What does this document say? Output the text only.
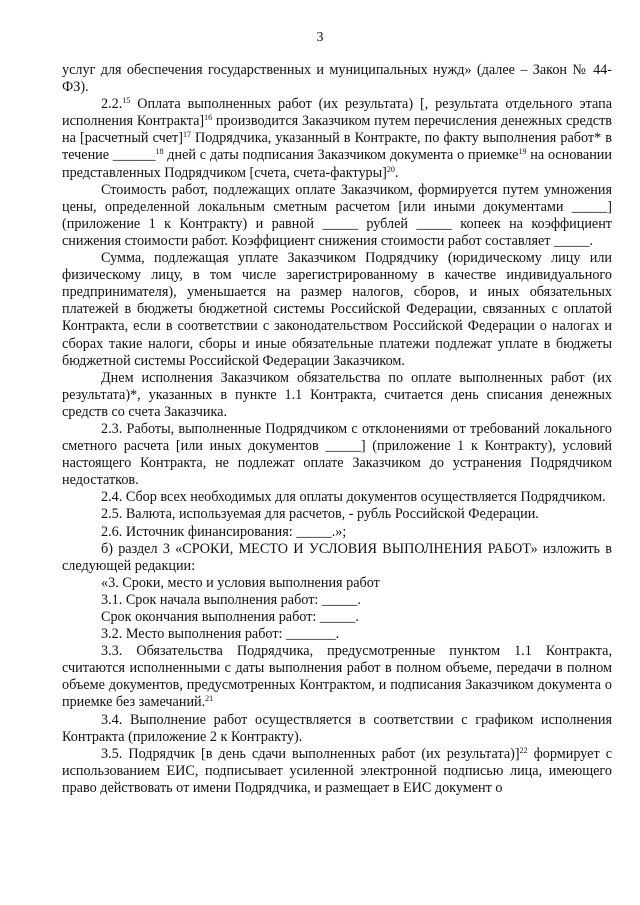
3

услуг для обеспечения государственных и муниципальных нужд» (далее – Закон № 44-ФЗ).

2.2.15 Оплата выполненных работ (их результата) [, результата отдельного этапа исполнения Контракта]$^{16}$ производится Заказчиком путем перечисления денежных средств на [расчетный счет]$^{17}$ Подрядчика, указанный в Контракте, по факту выполнения работ* в течение ______$^{18}$ дней с даты подписания Заказчиком документа о приемке$^{19}$ на основании представленных Подрядчиком [счета, счета-фактуры]$^{20}$.

Стоимость работ, подлежащих оплате Заказчиком, формируется путем умножения цены, определенной локальным сметным расчетом [или иными документами _____] (приложение 1 к Контракту) и равной _____ рублей _____ копеек на коэффициент снижения стоимости работ. Коэффициент снижения стоимости работ составляет _____.

Сумма, подлежащая уплате Заказчиком Подрядчику (юридическому лицу или физическому лицу, в том числе зарегистрированному в качестве индивидуального предпринимателя), уменьшается на размер налогов, сборов, и иных обязательных платежей в бюджеты бюджетной системы Российской Федерации, связанных с оплатой Контракта, если в соответствии с законодательством Российской Федерации о налогах и сборах такие налоги, сборы и иные обязательные платежи подлежат уплате в бюджеты бюджетной системы Российской Федерации Заказчиком.

Днем исполнения Заказчиком обязательства по оплате выполненных работ (их результата)*, указанных в пункте 1.1 Контракта, считается день списания денежных средств со счета Заказчика.

2.3. Работы, выполненные Подрядчиком с отклонениями от требований локального сметного расчета [или иных документов _____] (приложение 1 к Контракту), условий настоящего Контракта, не подлежат оплате Заказчиком до устранения Подрядчиком недостатков.

2.4. Сбор всех необходимых для оплаты документов осуществляется Подрядчиком.

2.5. Валюта, используемая для расчетов, - рубль Российской Федерации.

2.6. Источник финансирования: _____.»;

б) раздел 3 «СРОКИ, МЕСТО И УСЛОВИЯ ВЫПОЛНЕНИЯ РАБОТ» изложить в следующей редакции:

«3. Сроки, место и условия выполнения работ

3.1. Срок начала выполнения работ: _____.

Срок окончания выполнения работ: _____.

3.2. Место выполнения работ: _______.

3.3. Обязательства Подрядчика, предусмотренные пунктом 1.1 Контракта, считаются исполненными с даты выполнения работ в полном объеме, передачи в полном объеме документов, предусмотренных Контрактом, и подписания Заказчиком документа о приемке без замечаний.$^{21}$

3.4. Выполнение работ осуществляется в соответствии с графиком исполнения Контракта (приложение 2 к Контракту).

3.5. Подрядчик [в день сдачи выполненных работ (их результата)]$^{22}$ формирует с использованием ЕИС, подписывает усиленной электронной подписью лица, имеющего право действовать от имени Подрядчика, и размещает в ЕИС документ о
